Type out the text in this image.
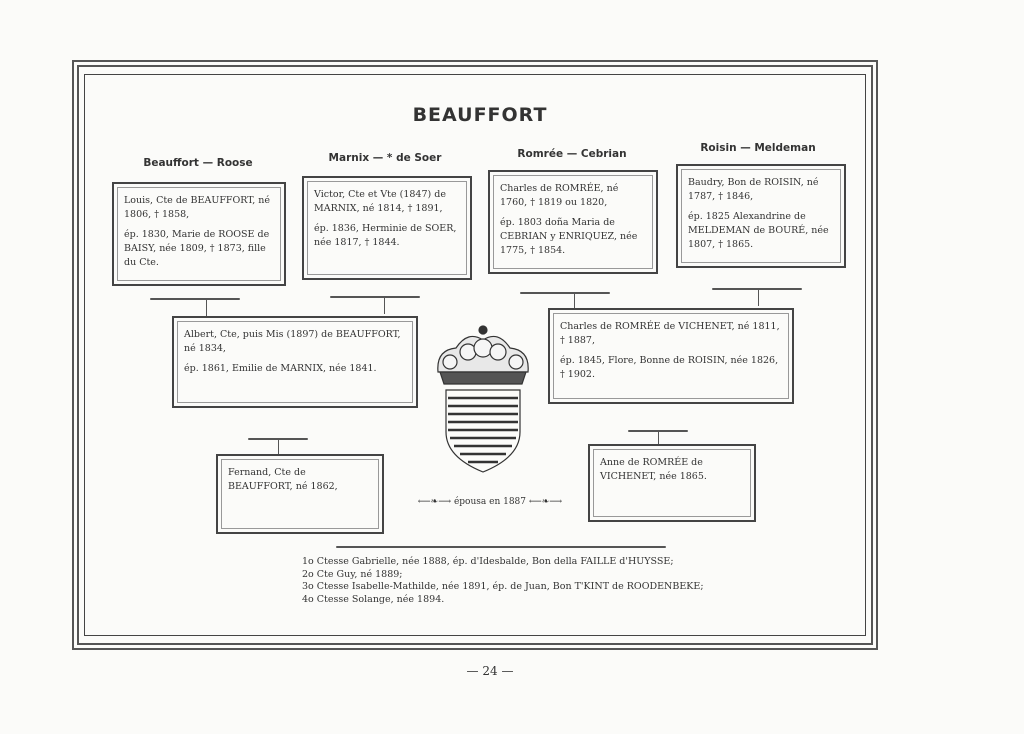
BEAUFFORT
Beauffort — Roose	Marnix — * de Soer	Romrée — Cebrian	Roisin — Meldeman

Louis, Cte de BEAUFFORT, né 1806, † 1858,

ép. 1830, Marie de ROOSE de BAISY, née 1809, † 1873, fille du Cte.

Victor, Cte et Vte (1847) de MARNIX, né 1814, † 1891,

ép. 1836, Herminie de SOER, née 1817, † 1844.

Charles de ROMRÉE, né 1760, † 1819 ou 1820,

ép. 1803 doña Maria de CEBRIAN y ENRIQUEZ, née 1775, † 1854.

Baudry, Bon de ROISIN, né 1787, † 1846,

ép. 1825 Alexandrine de MELDEMAN de BOURÉ, née 1807, † 1865.

Albert, Cte, puis Mis (1897) de BEAUFFORT, né 1834,

ép. 1861, Emilie de MARNIX, née 1841.

Charles de ROMRÉE de VICHENET, né 1811, † 1887,

ép. 1845, Flore, Bonne de ROISIN, née 1826, † 1902.

Fernand, Cte de BEAUFFORT, né 1862,

Anne de ROMRÉE de VICHENET, née 1865.

⟵❧⟶ épousa en 1887 ⟵❧⟶
1o Ctesse Gabrielle, née 1888, ép. d'Idesbalde, Bon della FAILLE d'HUYSSE;
2o Cte Guy, né 1889;
3o Ctesse Isabelle-Mathilde, née 1891, ép. de Juan, Bon T'KINT de ROODENBEKE;
4o Ctesse Solange, née 1894.
— 24 —
